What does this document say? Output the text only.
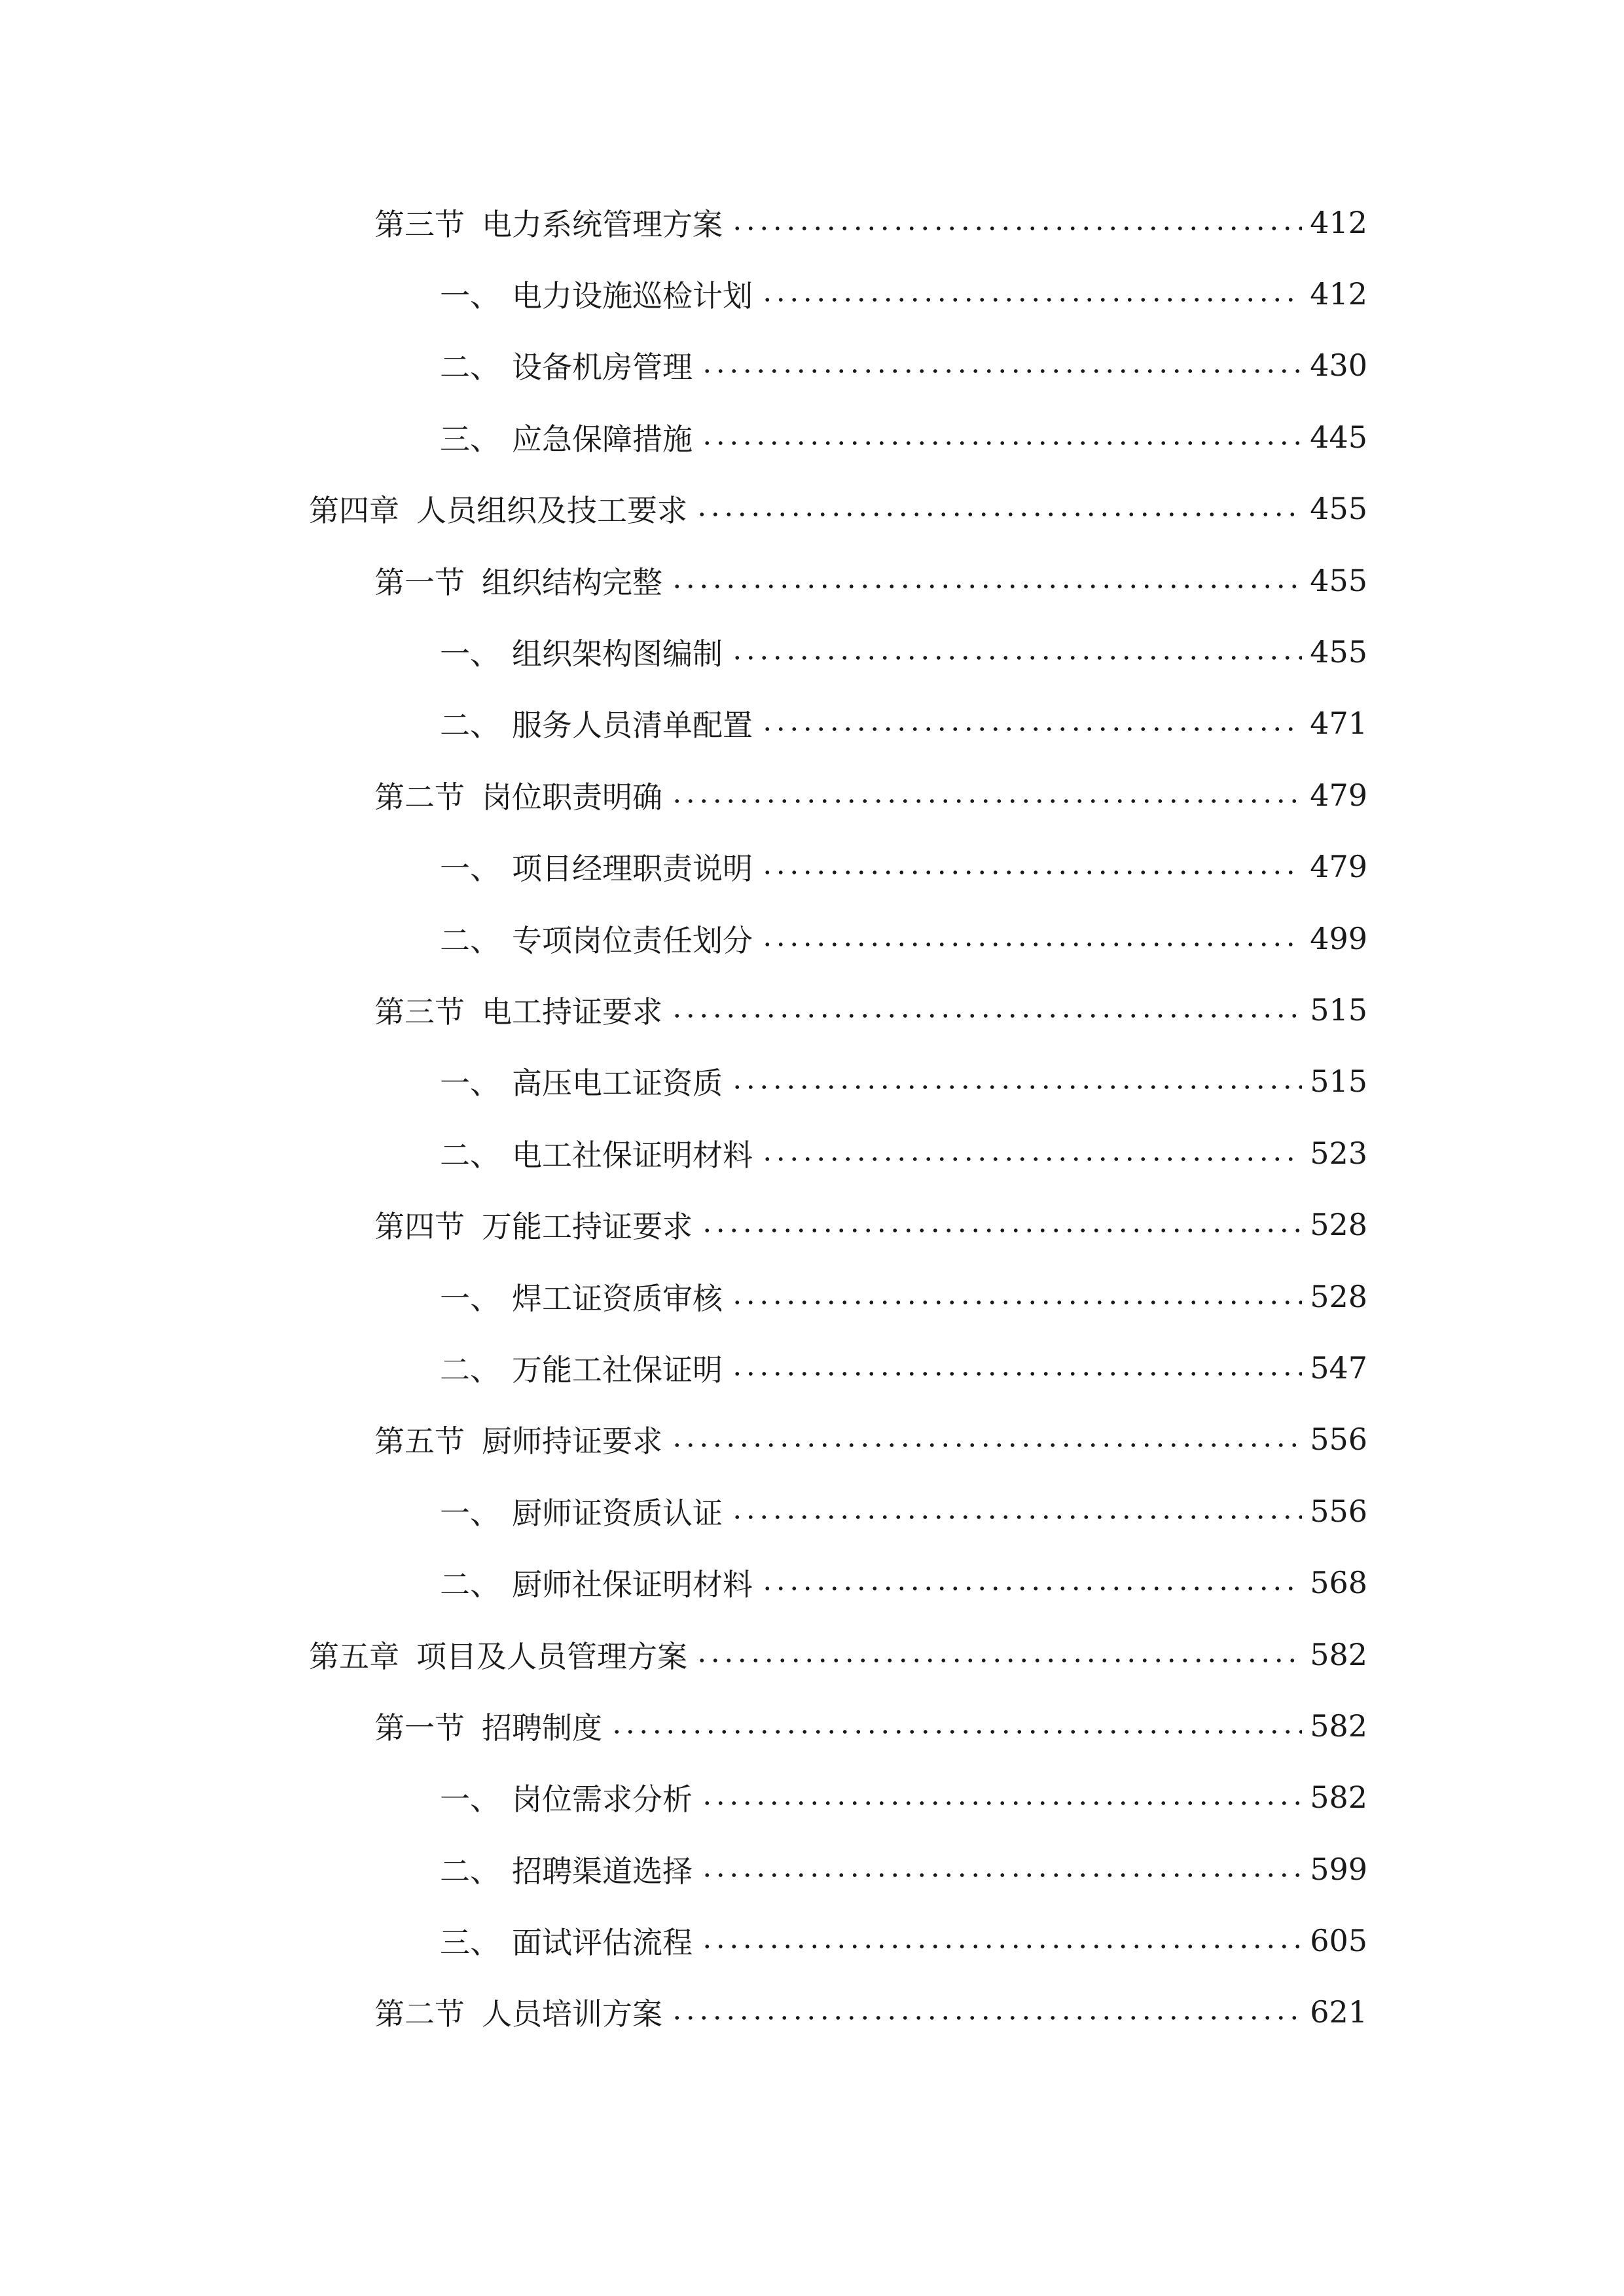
第三节 电力系统管理方案	412
一、 电力设施巡检计划	412
二、 设备机房管理	430
三、 应急保障措施	445
第四章 人员组织及技工要求	455
第一节 组织结构完整	455
一、 组织架构图编制	455
二、 服务人员清单配置	471
第二节 岗位职责明确	479
一、 项目经理职责说明	479
二、 专项岗位责任划分	499
第三节 电工持证要求	515
一、 高压电工证资质	515
二、 电工社保证明材料	523
第四节 万能工持证要求	528
一、 焊工证资质审核	528
二、 万能工社保证明	547
第五节 厨师持证要求	556
一、 厨师证资质认证	556
二、 厨师社保证明材料	568
第五章 项目及人员管理方案	582
第一节 招聘制度	582
一、 岗位需求分析	582
二、 招聘渠道选择	599
三、 面试评估流程	605
第二节 人员培训方案	621
